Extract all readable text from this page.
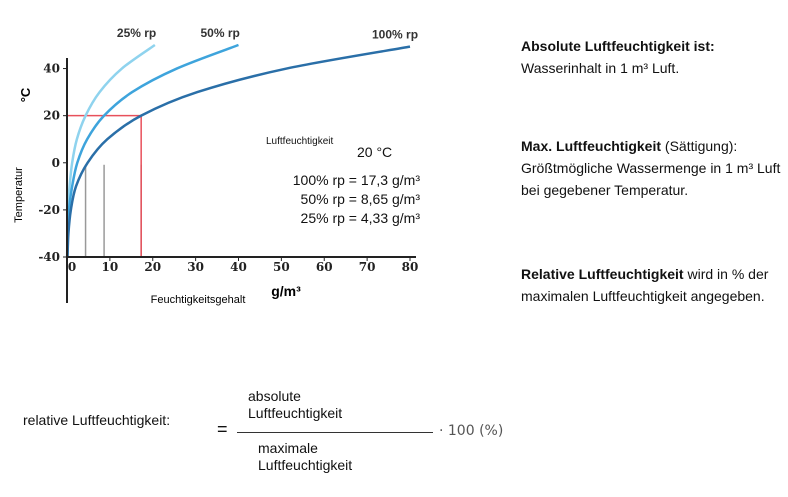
0 10 20 30 40 50 60 70 80
-40
-20
0
20
40
25% rp	50% rp	100% rp
°C
Temperatur
g/m³
Feuchtigkeitsgehalt
Luftfeuchtigkeit
20 °C
100% rp = 17,3 g/m³
50% rp = 8,65 g/m³
25% rp = 4,33 g/m³
Absolute Luftfeuchtigkeit ist:
Wasserinhalt in 1 m³ Luft.
Max. Luftfeuchtigkeit (Sättigung):
Größtmögliche Wassermenge in 1 m³ Luft bei gegebener Temperatur.
Relative Luftfeuchtigkeit wird in % der maximalen Luftfeuchtigkeit angegeben.
relative Luftfeuchtigkeit:	=
absolute
Luftfeuchtigkeit
maximale
Luftfeuchtigkeit
· 100 (%)
